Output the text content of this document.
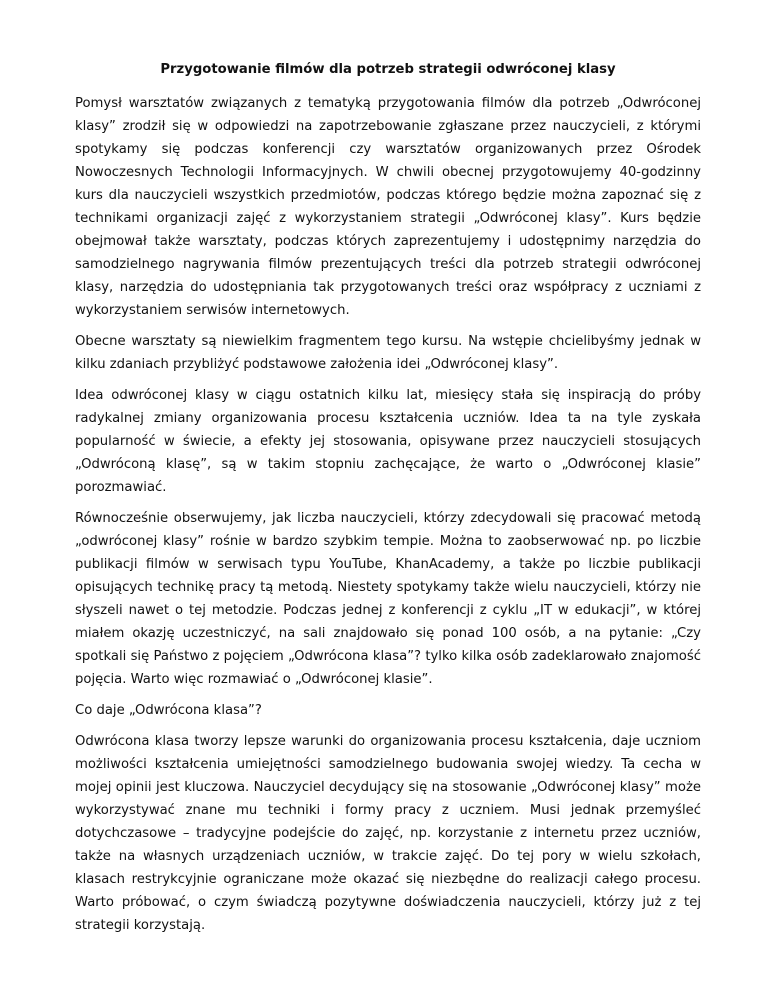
Przygotowanie filmów dla potrzeb strategii odwróconej klasy

Pomysł warsztatów związanych z tematyką przygotowania filmów dla potrzeb „Odwróconej klasy” zrodził się w odpowiedzi na zapotrzebowanie zgłaszane przez nauczycieli, z którymi spotykamy się podczas konferencji czy warsztatów organizowanych przez Ośrodek Nowoczesnych Technologii Informacyjnych. W chwili obecnej przygotowujemy 40-godzinny kurs dla nauczycieli wszystkich przedmiotów, podczas którego będzie można zapoznać się z technikami organizacji zajęć z wykorzystaniem strategii „Odwróconej klasy”. Kurs będzie obejmował także warsztaty, podczas których zaprezentujemy i udostępnimy narzędzia do samodzielnego nagrywania filmów prezentujących treści dla potrzeb strategii odwróconej klasy, narzędzia do udostępniania tak przygotowanych treści oraz współpracy z uczniami z wykorzystaniem serwisów internetowych.

Obecne warsztaty są niewielkim fragmentem tego kursu. Na wstępie chcielibyśmy jednak w kilku zdaniach przybliżyć podstawowe założenia idei „Odwróconej klasy”.

Idea odwróconej klasy w ciągu ostatnich kilku lat, miesięcy stała się inspiracją do próby radykalnej zmiany organizowania procesu kształcenia uczniów. Idea ta na tyle zyskała popularność w świecie, a efekty jej stosowania, opisywane przez nauczycieli stosujących „Odwróconą klasę”, są w takim stopniu zachęcające, że warto o „Odwróconej klasie” porozmawiać.

Równocześnie obserwujemy, jak liczba nauczycieli, którzy zdecydowali się pracować metodą „odwróconej klasy” rośnie w bardzo szybkim tempie. Można to zaobserwować np. po liczbie publikacji filmów w serwisach typu YouTube, KhanAcademy, a także po liczbie publikacji opisujących technikę pracy tą metodą. Niestety spotykamy także wielu nauczycieli, którzy nie słyszeli nawet o tej metodzie. Podczas jednej z konferencji z cyklu „IT w edukacji”, w której miałem okazję uczestniczyć, na sali znajdowało się ponad 100 osób, a na pytanie: „Czy spotkali się Państwo z pojęciem „Odwrócona klasa”? tylko kilka osób zadeklarowało znajomość pojęcia. Warto więc rozmawiać o „Odwróconej klasie”.

Co daje „Odwrócona klasa”?

Odwrócona klasa tworzy lepsze warunki do organizowania procesu kształcenia, daje uczniom możliwości kształcenia umiejętności samodzielnego budowania swojej wiedzy. Ta cecha w mojej opinii jest kluczowa. Nauczyciel decydujący się na stosowanie „Odwróconej klasy” może wykorzystywać znane mu techniki i formy pracy z uczniem. Musi jednak przemyśleć dotychczasowe – tradycyjne podejście do zajęć, np. korzystanie z internetu przez uczniów, także na własnych urządzeniach uczniów, w trakcie zajęć. Do tej pory w wielu szkołach, klasach restrykcyjnie ograniczane może okazać się niezbędne do realizacji całego procesu. Warto próbować, o czym świadczą pozytywne doświadczenia nauczycieli, którzy już z tej strategii korzystają.
